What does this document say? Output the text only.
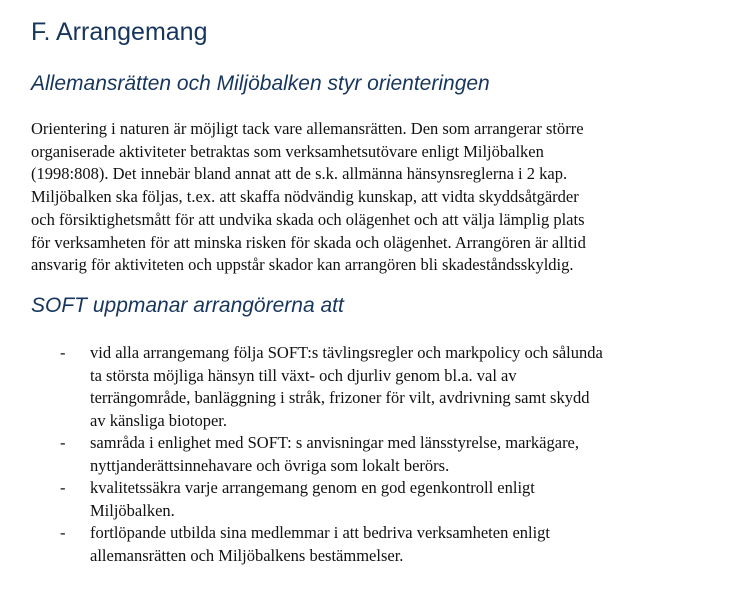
F. Arrangemang
Allemansrätten och Miljöbalken styr orienteringen
Orientering i naturen är möjligt tack vare allemansrätten. Den som arrangerar större
organiserade aktiviteter betraktas som verksamhetsutövare enligt Miljöbalken
(1998:808). Det innebär bland annat att de s.k. allmänna hänsynsreglerna i 2 kap.
Miljöbalken ska följas, t.ex. att skaffa nödvändig kunskap, att vidta skyddsåtgärder
och försiktighetsmått för att undvika skada och olägenhet och att välja lämplig plats
för verksamheten för att minska risken för skada och olägenhet. Arrangören är alltid
ansvarig för aktiviteten och uppstår skador kan arrangören bli skadeståndsskyldig.
SOFT uppmanar arrangörerna att
- vid alla arrangemang följa SOFT:s tävlingsregler och markpolicy och sålunda
ta största möjliga hänsyn till växt- och djurliv genom bl.a. val av
terrängområde, banläggning i stråk, frizoner för vilt, avdrivning samt skydd
av känsliga biotoper.
- samråda i enlighet med SOFT: s anvisningar med länsstyrelse, markägare,
nyttjanderättsinnehavare och övriga som lokalt berörs.
- kvalitetssäkra varje arrangemang genom en god egenkontroll enligt
Miljöbalken.
- fortlöpande utbilda sina medlemmar i att bedriva verksamheten enligt
allemansrätten och Miljöbalkens bestämmelser.
